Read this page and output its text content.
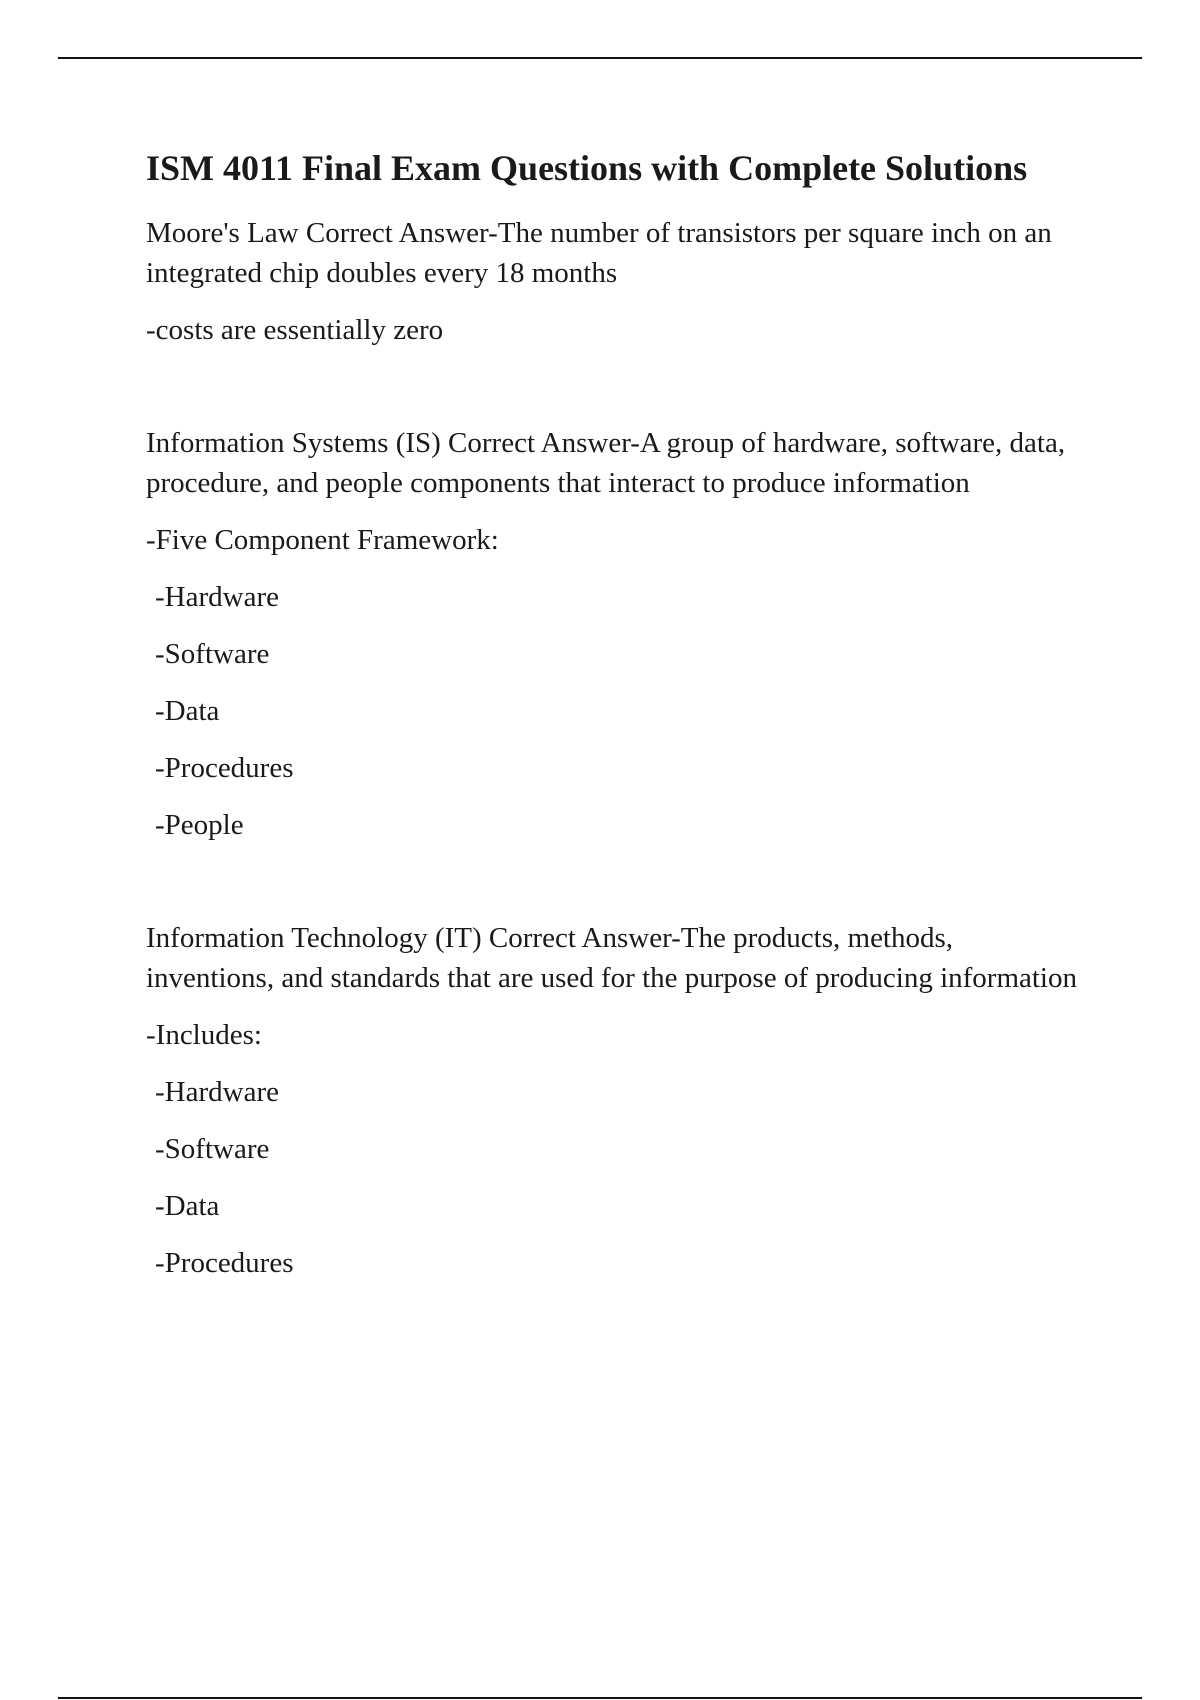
ISM 4011 Final Exam Questions with Complete Solutions

Moore's Law Correct Answer-The number of transistors per square inch on an integrated chip doubles every 18 months

-costs are essentially zero

Information Systems (IS) Correct Answer-A group of hardware, software, data, procedure, and people components that interact to produce information

-Five Component Framework:

-Hardware

-Software

-Data

-Procedures

-People

Information Technology (IT) Correct Answer-The products, methods, inventions, and standards that are used for the purpose of producing information

-Includes:

-Hardware

-Software

-Data

-Procedures
